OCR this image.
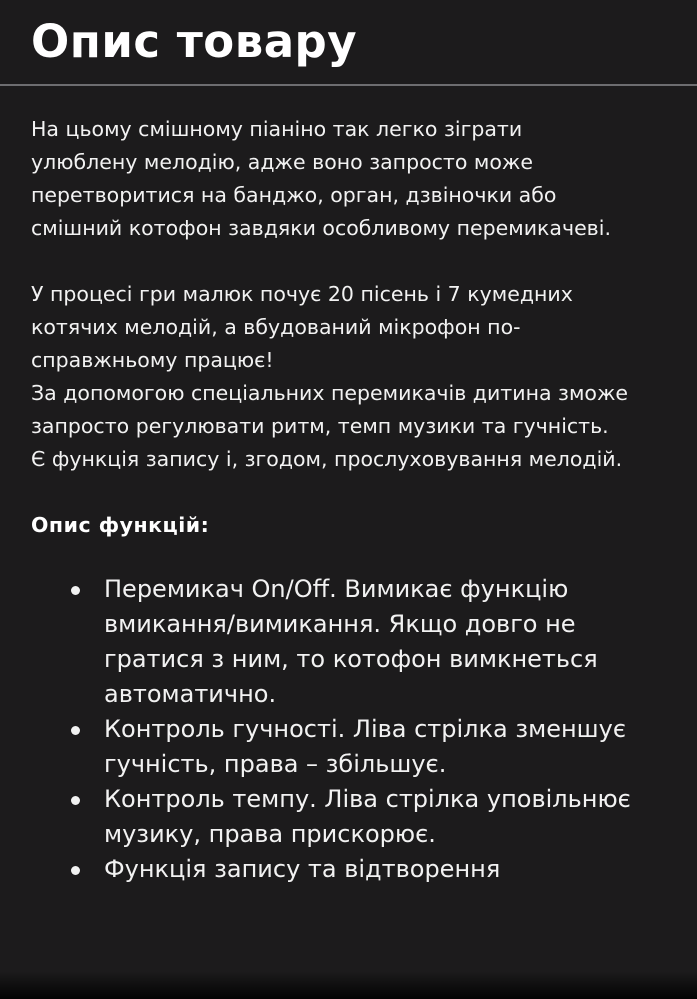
Опис товару

На цьому смішному піаніно так легко зіграти улюблену мелодію, адже воно запросто може перетворитися на банджо, орган, дзвіночки або смішний котофон завдяки особливому перемикачеві.

У процесі гри малюк почує 20 пісень і 7 кумедних котячих мелодій, а вбудований мікрофон по-справжньому працює!

За допомогою спеціальних перемикачів дитина зможе запросто регулювати ритм, темп музики та гучність.

Є функція запису і, згодом, прослуховування мелодій.

Опис функцій:
Перемикач On/Off. Вимикає функцію вмикання/вимикання. Якщо довго не гратися з ним, то котофон вимкнеться автоматично.
Контроль гучності. Ліва стрілка зменшує гучність, права – збільшує.
Контроль темпу. Ліва стрілка уповільнює музику, права прискорює.
Функція запису та відтворення
